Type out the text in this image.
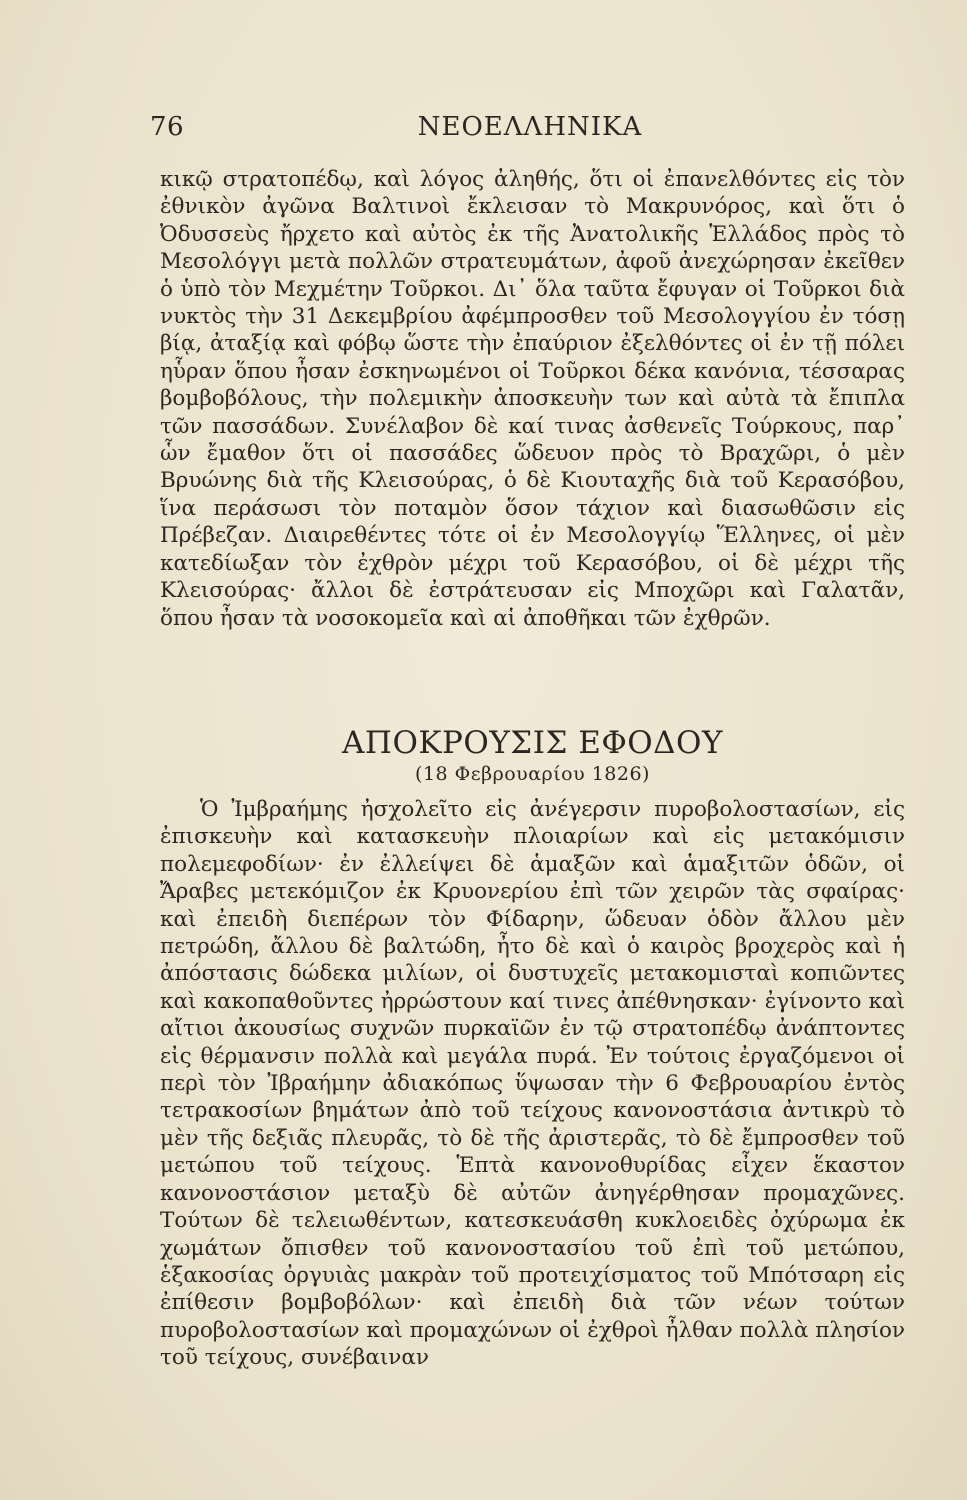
76	ΝΕΟΕΛΛΗΝΙΚΑ

κικῷ στρατοπέδῳ, καὶ λόγος ἀληθής, ὅτι οἱ ἐπανελθόντες εἰς τὸν ἐθνικὸν ἀγῶνα Βαλτινοὶ ἔκλεισαν τὸ Μακρυνόρος, καὶ ὅτι ὁ Ὀδυσσεὺς ἤρχετο καὶ αὐτὸς ἐκ τῆς Ἀνατολικῆς Ἑλλάδος πρὸς τὸ Μεσολόγγι μετὰ πολλῶν στρατευμάτων, ἀφοῦ ἀνεχώρησαν ἐκεῖθεν ὁ ὑπὸ τὸν Μεχμέτην Τοῦρκοι. Δι᾽ ὅλα ταῦτα ἔφυγαν οἱ Τοῦρκοι διὰ νυκτὸς τὴν 31 Δεκεμβρίου ἀφέμπροσθεν τοῦ Μεσολογγίου ἐν τόσῃ βίᾳ, ἀταξίᾳ καὶ φόβῳ ὥστε τὴν ἐπαύριον ἐξελθόντες οἱ ἐν τῇ πόλει ηὗραν ὅπου ἦσαν ἐσκηνωμένοι οἱ Τοῦρκοι δέκα κανόνια, τέσσαρας βομβοβόλους, τὴν πολεμικὴν ἀποσκευὴν των καὶ αὐτὰ τὰ ἔπιπλα τῶν πασσάδων. Συνέλαβον δὲ καί τινας ἀσθενεῖς Τούρκους, παρ᾽ ὧν ἔμαθον ὅτι οἱ πασσάδες ὥδευον πρὸς τὸ Βραχῶρι, ὁ μὲν Βρυώνης διὰ τῆς Κλεισούρας, ὁ δὲ Κιουταχῆς διὰ τοῦ Κερασόβου, ἵνα περάσωσι τὸν ποταμὸν ὅσον τάχιον καὶ διασωθῶσιν εἰς Πρέβεζαν. Διαιρεθέντες τότε οἱ ἐν Μεσολογγίῳ Ἕλληνες, οἱ μὲν κατεδίωξαν τὸν ἐχθρὸν μέχρι τοῦ Κερασόβου, οἱ δὲ μέχρι τῆς Κλεισούρας· ἄλλοι δὲ ἐστράτευσαν εἰς Μποχῶρι καὶ Γαλατᾶν, ὅπου ἦσαν τὰ νοσοκομεῖα καὶ αἱ ἀποθῆκαι τῶν ἐχθρῶν.

ΑΠΟΚΡΟΥΣΙΣ ΕΦΟΔΟΥ
(18 Φεβρουαρίου 1826)

Ὁ Ἰμβραήμης ἠσχολεῖτο εἰς ἀνέγερσιν πυροβολοστασίων, εἰς ἐπισκευὴν καὶ κατασκευὴν πλοιαρίων καὶ εἰς μετακόμισιν πολεμεφοδίων· ἐν ἐλλείψει δὲ ἁμαξῶν καὶ ἁμαξιτῶν ὁδῶν, οἱ Ἄραβες μετεκόμιζον ἐκ Κρυονερίου ἐπὶ τῶν χειρῶν τὰς σφαίρας· καὶ ἐπειδὴ διεπέρων τὸν Φίδαρην, ὥδευαν ὁδὸν ἄλλου μὲν πετρώδη, ἄλλου δὲ βαλτώδη, ἦτο δὲ καὶ ὁ καιρὸς βροχερὸς καὶ ἡ ἀπόστασις δώδεκα μιλίων, οἱ δυστυχεῖς μετακομισταὶ κοπιῶντες καὶ κακοπαθοῦντες ἠρρώστουν καί τινες ἀπέθνησκαν· ἐγίνοντο καὶ αἴτιοι ἀκουσίως συχνῶν πυρκαϊῶν ἐν τῷ στρατοπέδῳ ἀνάπτοντες εἰς θέρμανσιν πολλὰ καὶ μεγάλα πυρά. Ἐν τούτοις ἐργαζόμενοι οἱ περὶ τὸν Ἰβραήμην ἀδιακόπως ὕψωσαν τὴν 6 Φεβρουαρίου ἐντὸς τετρακοσίων βημάτων ἀπὸ τοῦ τείχους κανονοστάσια ἀντικρὺ τὸ μὲν τῆς δεξιᾶς πλευρᾶς, τὸ δὲ τῆς ἀριστερᾶς, τὸ δὲ ἔμπροσθεν τοῦ μετώπου τοῦ τείχους. Ἑπτὰ κανονοθυρίδας εἶχεν ἕκαστον κανονοστάσιον μεταξὺ δὲ αὐτῶν ἀνηγέρθησαν προμαχῶνες. Τούτων δὲ τελειωθέντων, κατεσκευάσθη κυκλοειδὲς ὀχύρωμα ἐκ χωμάτων ὄπισθεν τοῦ κανονοστασίου τοῦ ἐπὶ τοῦ μετώπου, ἑξακοσίας ὀργυιὰς μακρὰν τοῦ προτειχίσματος τοῦ Μπότσαρη εἰς ἐπίθεσιν βομβοβόλων· καὶ ἐπειδὴ διὰ τῶν νέων τούτων πυροβολοστασίων καὶ προμαχώνων οἱ ἐχθροὶ ἦλθαν πολλὰ πλησίον τοῦ τείχους, συνέβαιναν
